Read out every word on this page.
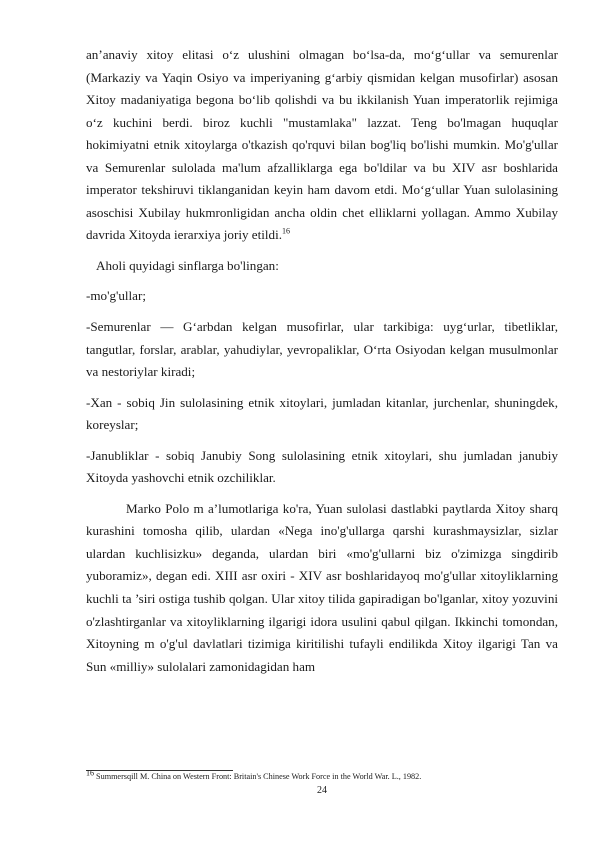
an’anaviy xitoy elitasi o‘z ulushini olmagan bo‘lsa-da, mo‘g‘ullar va semurenlar (Markaziy va Yaqin Osiyo va imperiyaning g‘arbiy qismidan kelgan musofirlar) asosan Xitoy madaniyatiga begona bo‘lib qolishdi va bu ikkilanish Yuan imperatorlik rejimiga o‘z kuchini berdi. biroz kuchli "mustamlaka" lazzat. Teng bo'lmagan huquqlar hokimiyatni etnik xitoylarga o'tkazish qo'rquvi bilan bog'liq bo'lishi mumkin. Mo'g'ullar va Semurenlar sulolada ma'lum afzalliklarga ega bo'ldilar va bu XIV asr boshlarida imperator tekshiruvi tiklanganidan keyin ham davom etdi. Mo‘g‘ullar Yuan sulolasining asoschisi Xubilay hukmronligidan ancha oldin chet elliklarni yollagan. Ammo Xubilay davrida Xitoyda ierarxiya joriy etildi.$^{16}$

Aholi quyidagi sinflarga bo'lingan:

-mo'g'ullar;

-Semurenlar — G‘arbdan kelgan musofirlar, ular tarkibiga: uyg‘urlar, tibetliklar, tangutlar, forslar, arablar, yahudiylar, yevropaliklar, O‘rta Osiyodan kelgan musulmonlar va nestoriylar kiradi;

-Xan - sobiq Jin sulolasining etnik xitoylari, jumladan kitanlar, jurchenlar, shuningdek, koreyslar;

-Janubliklar - sobiq Janubiy Song sulolasining etnik xitoylari, shu jumladan janubiy Xitoyda yashovchi etnik ozchiliklar.

Marko Polo m a’lumotlariga ko'ra, Yuan sulolasi dastlabki paytlarda Xitoy sharq kurashini tomosha qilib, ulardan «Nega ino'g'ullarga qarshi kurashmaysizlar, sizlar ulardan kuchlisizku» deganda, ulardan biri «mo'g'ullarni biz o'zimizga singdirib yuboramiz», degan edi. XIII asr oxiri - XIV asr boshlaridayoq mo'g'ullar xitoyliklarning kuchli ta ’siri ostiga tushib qolgan. Ular xitoy tilida gapiradigan bo'lganlar, xitoy yozuvini o'zlashtirganlar va xitoyliklarning ilgarigi idora usulini qabul qilgan. Ikkinchi tomondan, Xitoyning m o'g'ul davlatlari tizimiga kiritilishi tufayli endilikda Xitoy ilgarigi Tan va Sun «milliy» sulolalari zamonidagidan ham

$^{16}$ Summersqill M. China on Western Front: Britain's Chinese Work Force in the World War. L., 1982.
24
